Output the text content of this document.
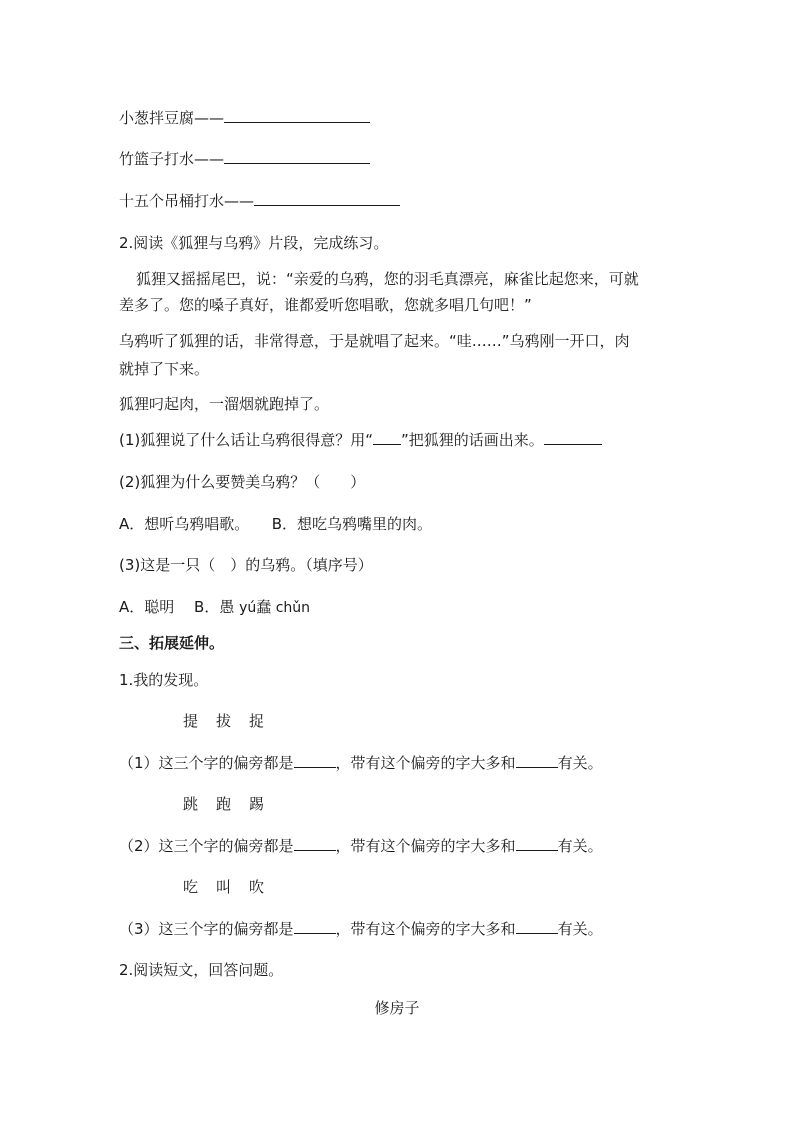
小葱拌豆腐——
竹篮子打水——
十五个吊桶打水——
2.阅读《狐狸与乌鸦》片段，完成练习。
狐狸又摇摇尾巴，说：“亲爱的乌鸦，您的羽毛真漂亮，麻雀比起您来，可就
差多了。您的嗓子真好，谁都爱听您唱歌，您就多唱几句吧！”
乌鸦听了狐狸的话，非常得意，于是就唱了起来。“哇……”乌鸦刚一开口，肉
就掉了下来。
狐狸叼起肉，一溜烟就跑掉了。
(1)狐狸说了什么话让乌鸦很得意？用“ ”把狐狸的话画出来。
(2)狐狸为什么要赞美乌鸦？（　　）
A．想听乌鸦唱歌。　　B．想吃乌鸦嘴里的肉。
(3)这是一只（　）的乌鸦。（填序号）
A．聪明　 B．愚 yú蠢 chǔn
三、拓展延伸。
1.我的发现。
提 拔 捉
（1）这三个字的偏旁都是	，带有这个偏旁的字大多和	有关。
跳 跑 踢
（2）这三个字的偏旁都是	，带有这个偏旁的字大多和	有关。
吃 叫 吹
（3）这三个字的偏旁都是	，带有这个偏旁的字大多和	有关。
2.阅读短文，回答问题。
修房子
